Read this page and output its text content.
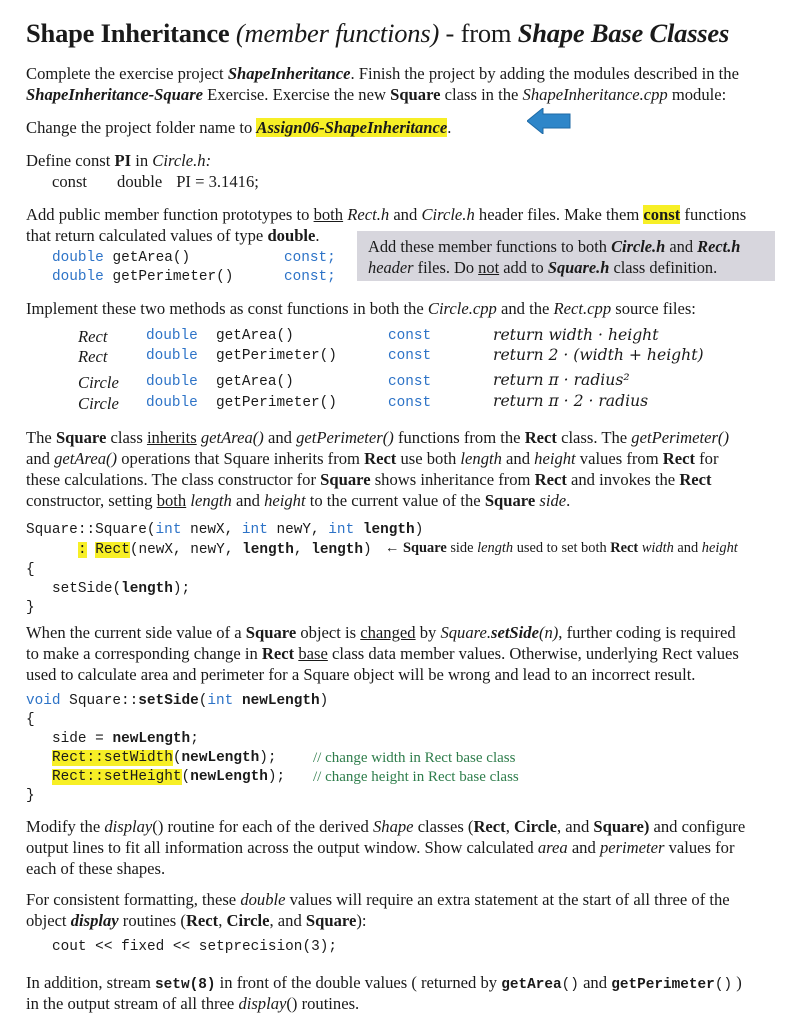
Shape Inheritance (member functions) - from Shape Base Classes
Complete the exercise project ShapeInheritance. Finish the project by adding the modules described in the
ShapeInheritance-Square Exercise. Exercise the new Square class in the ShapeInheritance.cpp module:
Change the project folder name to Assign06-ShapeInheritance.
Define const PI in Circle.h:
const double PI = 3.1416;
Add public member function prototypes to both Rect.h and Circle.h header files. Make them const functions
that return calculated values of type double.
double getArea()	const;
double getPerimeter()	const;
Add these member functions to both Circle.h and Rect.h
header files. Do not add to Square.h class definition.
Implement these two methods as const functions in both the Circle.cpp and the Rect.cpp source files:
Rect	double getArea()	const	return width · height
Rect	double getPerimeter()	const	return 2 · (width + height)
Circle double getArea()	const	return π · radius²
Circle double getPerimeter()	const	return π · 2 · radius
The Square class inherits getArea() and getPerimeter() functions from the Rect class. The getPerimeter()
and getArea() operations that Square inherits from Rect use both length and height values from Rect for
these calculations. The class constructor for Square shows inheritance from Rect and invokes the Rect
constructor, setting both length and height to the current value of the Square side.
Square::Square(int newX, int newY, int length)
: Rect(newX, newY, length, length) ← Square side length used to set both Rect width and height
{
setSide(length);
}
When the current side value of a Square object is changed by Square.setSide(n), further coding is required
to make a corresponding change in Rect base class data member values. Otherwise, underlying Rect values
used to calculate area and perimeter for a Square object will be wrong and lead to an incorrect result.
void Square::setSide(int newLength)
{
side = newLength;
Rect::setWidth(newLength); // change width in Rect base class
Rect::setHeight(newLength); // change height in Rect base class
}
Modify the display() routine for each of the derived Shape classes (Rect, Circle, and Square) and configure
output lines to fit all information across the output window. Show calculated area and perimeter values for
each of these shapes.
For consistent formatting, these double values will require an extra statement at the start of all three of the
object display routines (Rect, Circle, and Square):
cout << fixed << setprecision(3);
In addition, stream setw(8) in front of the double values ( returned by getArea() and getPerimeter() )
in the output stream of all three display() routines.
